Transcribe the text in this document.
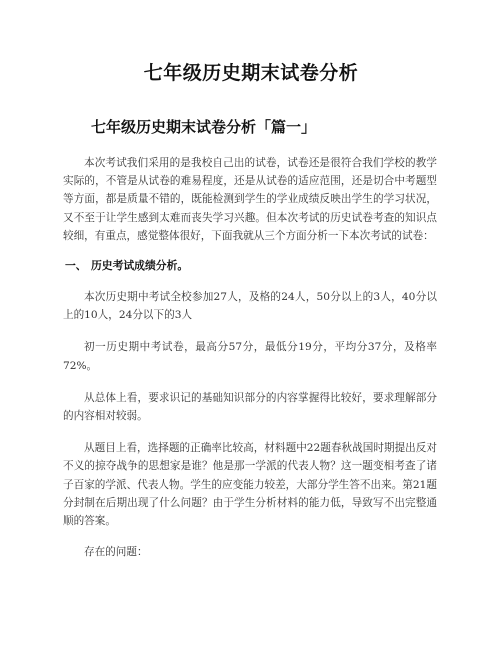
七年级历史期末试卷分析
七年级历史期末试卷分析「篇一」

本次考试我们采用的是我校自己出的试卷，试卷还是很符合我们学校的教学实际的，不管是从试卷的难易程度，还是从试卷的适应范围，还是切合中考题型等方面，都是质量不错的，既能检测到学生的学业成绩反映出学生的学习状况，又不至于让学生感到太难而丧失学习兴趣。但本次考试的历史试卷考查的知识点较细，有重点，感觉整体很好，下面我就从三个方面分析一下本次考试的试卷：

一、 历史考试成绩分析。

本次历史期中考试全校参加27人，及格的24人，50分以上的3人，40分以上的10人，24分以下的3人

初一历史期中考试卷，最高分57分，最低分19分，平均分37分，及格率72%。

从总体上看，要求识记的基础知识部分的内容掌握得比较好，要求理解部分的内容相对较弱。

从题目上看，选择题的正确率比较高，材料题中22题春秋战国时期提出反对不义的掠夺战争的思想家是谁？他是那一学派的代表人物？这一题变相考查了诸子百家的学派、代表人物。学生的应变能力较差，大部分学生答不出来。第21题分封制在后期出现了什么问题？由于学生分析材料的能力低，导致写不出完整通顺的答案。

存在的问题：
